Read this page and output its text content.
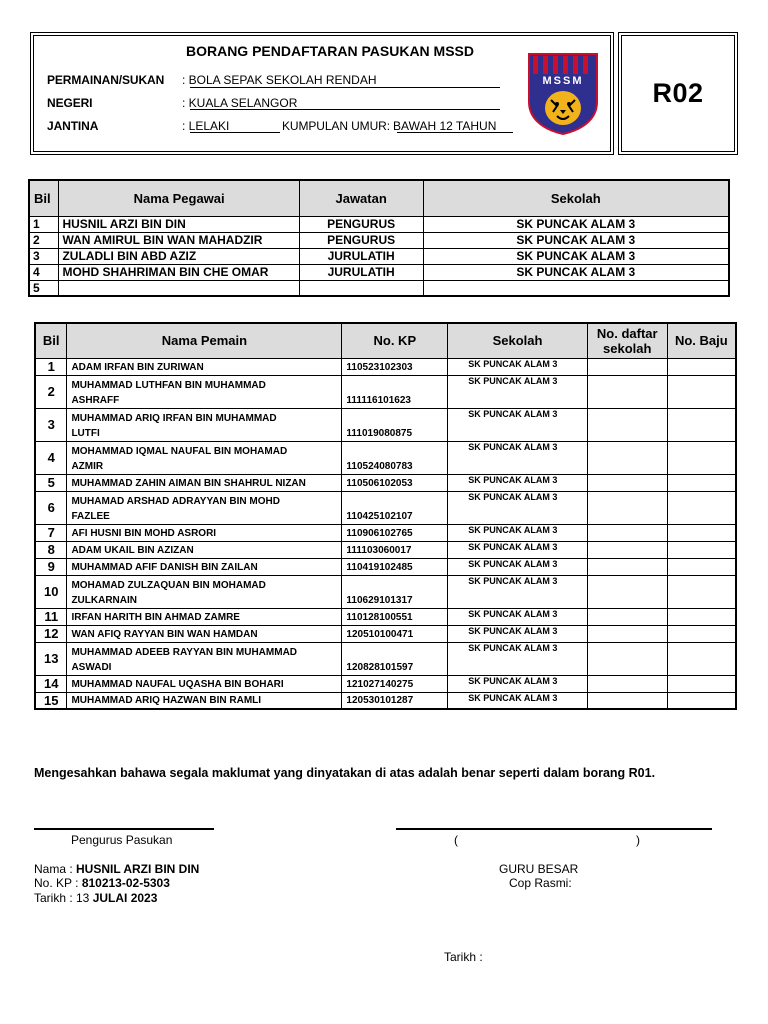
R02
BORANG PENDAFTARAN PASUKAN MSSD
PERMAINAN/SUKAN : BOLA SEPAK SEKOLAH RENDAH
NEGERI	: KUALA SELANGOR
JANTINA	: LELAKI	KUMPULAN UMUR: BAWAH 12 TAHUN
MSSM
Bil	Nama Pegawai	Jawatan	Sekolah
1	HUSNIL ARZI BIN DIN	PENGURUS	SK PUNCAK ALAM 3
2	WAN AMIRUL BIN WAN MAHADZIR	PENGURUS	SK PUNCAK ALAM 3
3	ZULADLI BIN ABD AZIZ	JURULATIH	SK PUNCAK ALAM 3
4	MOHD SHAHRIMAN BIN CHE OMAR	JURULATIH	SK PUNCAK ALAM 3
5			
Bil	Nama Pemain	No. KP	Sekolah	No. daftar sekolah	No. Baju
1	ADAM IRFAN BIN ZURIWAN	110523102303	SK PUNCAK ALAM 3		
2	MUHAMMAD LUTHFAN BIN MUHAMMAD
ASHRAFF	111116101623	SK PUNCAK ALAM 3		
3	MUHAMMAD ARIQ IRFAN BIN MUHAMMAD
LUTFI	111019080875	SK PUNCAK ALAM 3		
4	MOHAMMAD IQMAL NAUFAL BIN MOHAMAD
AZMIR	110524080783	SK PUNCAK ALAM 3		
5	MUHAMMAD ZAHIN AIMAN BIN SHAHRUL NIZAN	110506102053	SK PUNCAK ALAM 3		
6	MUHAMAD ARSHAD ADRAYYAN BIN MOHD
FAZLEE	110425102107	SK PUNCAK ALAM 3		
7	AFI HUSNI BIN MOHD ASRORI	110906102765	SK PUNCAK ALAM 3		
8	ADAM UKAIL BIN AZIZAN	111103060017	SK PUNCAK ALAM 3		
9	MUHAMMAD AFIF DANISH BIN ZAILAN	110419102485	SK PUNCAK ALAM 3		
10	MOHAMAD ZULZAQUAN BIN MOHAMAD
ZULKARNAIN	110629101317	SK PUNCAK ALAM 3		
11	IRFAN HARITH BIN AHMAD ZAMRE	110128100551	SK PUNCAK ALAM 3		
12	WAN AFIQ RAYYAN BIN WAN HAMDAN	120510100471	SK PUNCAK ALAM 3		
13	MUHAMMAD ADEEB RAYYAN BIN MUHAMMAD
ASWADI	120828101597	SK PUNCAK ALAM 3		
14	MUHAMMAD NAUFAL UQASHA BIN BOHARI	121027140275	SK PUNCAK ALAM 3		
15	MUHAMMAD ARIQ HAZWAN BIN RAMLI	120530101287	SK PUNCAK ALAM 3		
Mengesahkan bahawa segala maklumat yang dinyatakan di atas adalah benar seperti dalam borang R01.
Pengurus Pasukan	(	)
Nama : HUSNIL ARZI BIN DIN
No. KP : 810213-02-5303
Tarikh : 13 JULAI 2023
GURU BESAR
Cop Rasmi:
Tarikh :
